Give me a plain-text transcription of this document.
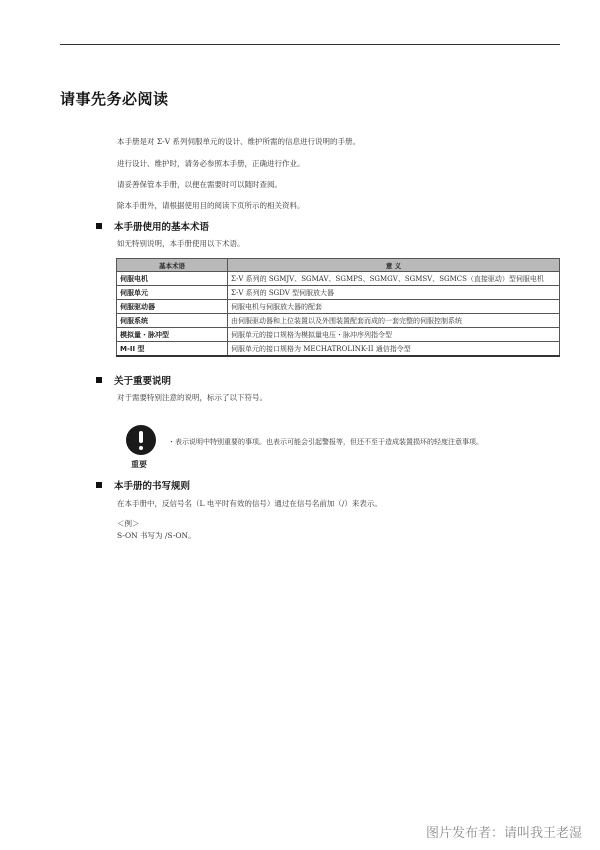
请事先务必阅读
本手册是对 Σ-V 系列伺服单元的设计、维护所需的信息进行说明的手册。
进行设计、维护时，请务必参照本手册，正确进行作业。
请妥善保管本手册，以便在需要时可以随时查阅。
除本手册外，请根据使用目的阅读下页所示的相关资料。
本手册使用的基本术语
如无特别说明，本手册使用以下术语。
基本术语	意 义
伺服电机	Σ-V 系列的 SGMJV、SGMAV、SGMPS、SGMGV、SGMSV、SGMCS（直接驱动）型伺服电机
伺服单元	Σ-V 系列的 SGDV 型伺服放大器
伺服驱动器	伺服电机与伺服放大器的配套
伺服系统	由伺服驱动器和上位装置以及外围装置配套而成的一套完整的伺服控制系统
模拟量・脉冲型	伺服单元的接口规格为模拟量电压・脉冲序列指令型
M-II 型	伺服单元的接口规格为 MECHATROLINK-II 通信指令型
关于重要说明
对于需要特别注意的说明，标示了以下符号。
重要
・表示说明中特别重要的事项。也表示可能会引起警报等，但还不至于造成装置损坏的轻度注意事项。
本手册的书写规则
在本手册中，反信号名（L 电平时有效的信号）通过在信号名前加（/）来表示。
＜例＞
S-ON 书写为 /S-ON。
图片发布者：请叫我王老湿
